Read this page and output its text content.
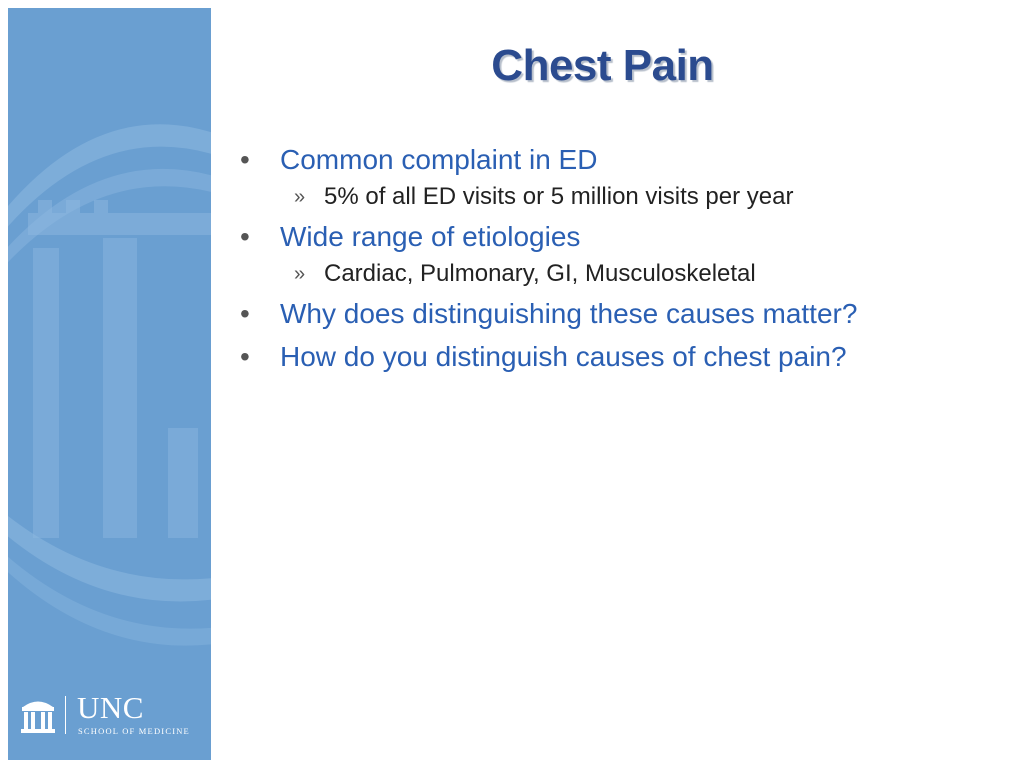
UNC
SCHOOL OF MEDICINE
Chest Pain
• Common complaint in ED
» 5% of all ED visits or 5 million visits per year
• Wide range of etiologies
» Cardiac, Pulmonary, GI, Musculoskeletal
• Why does distinguishing these causes matter?
• How do you distinguish causes of chest pain?
